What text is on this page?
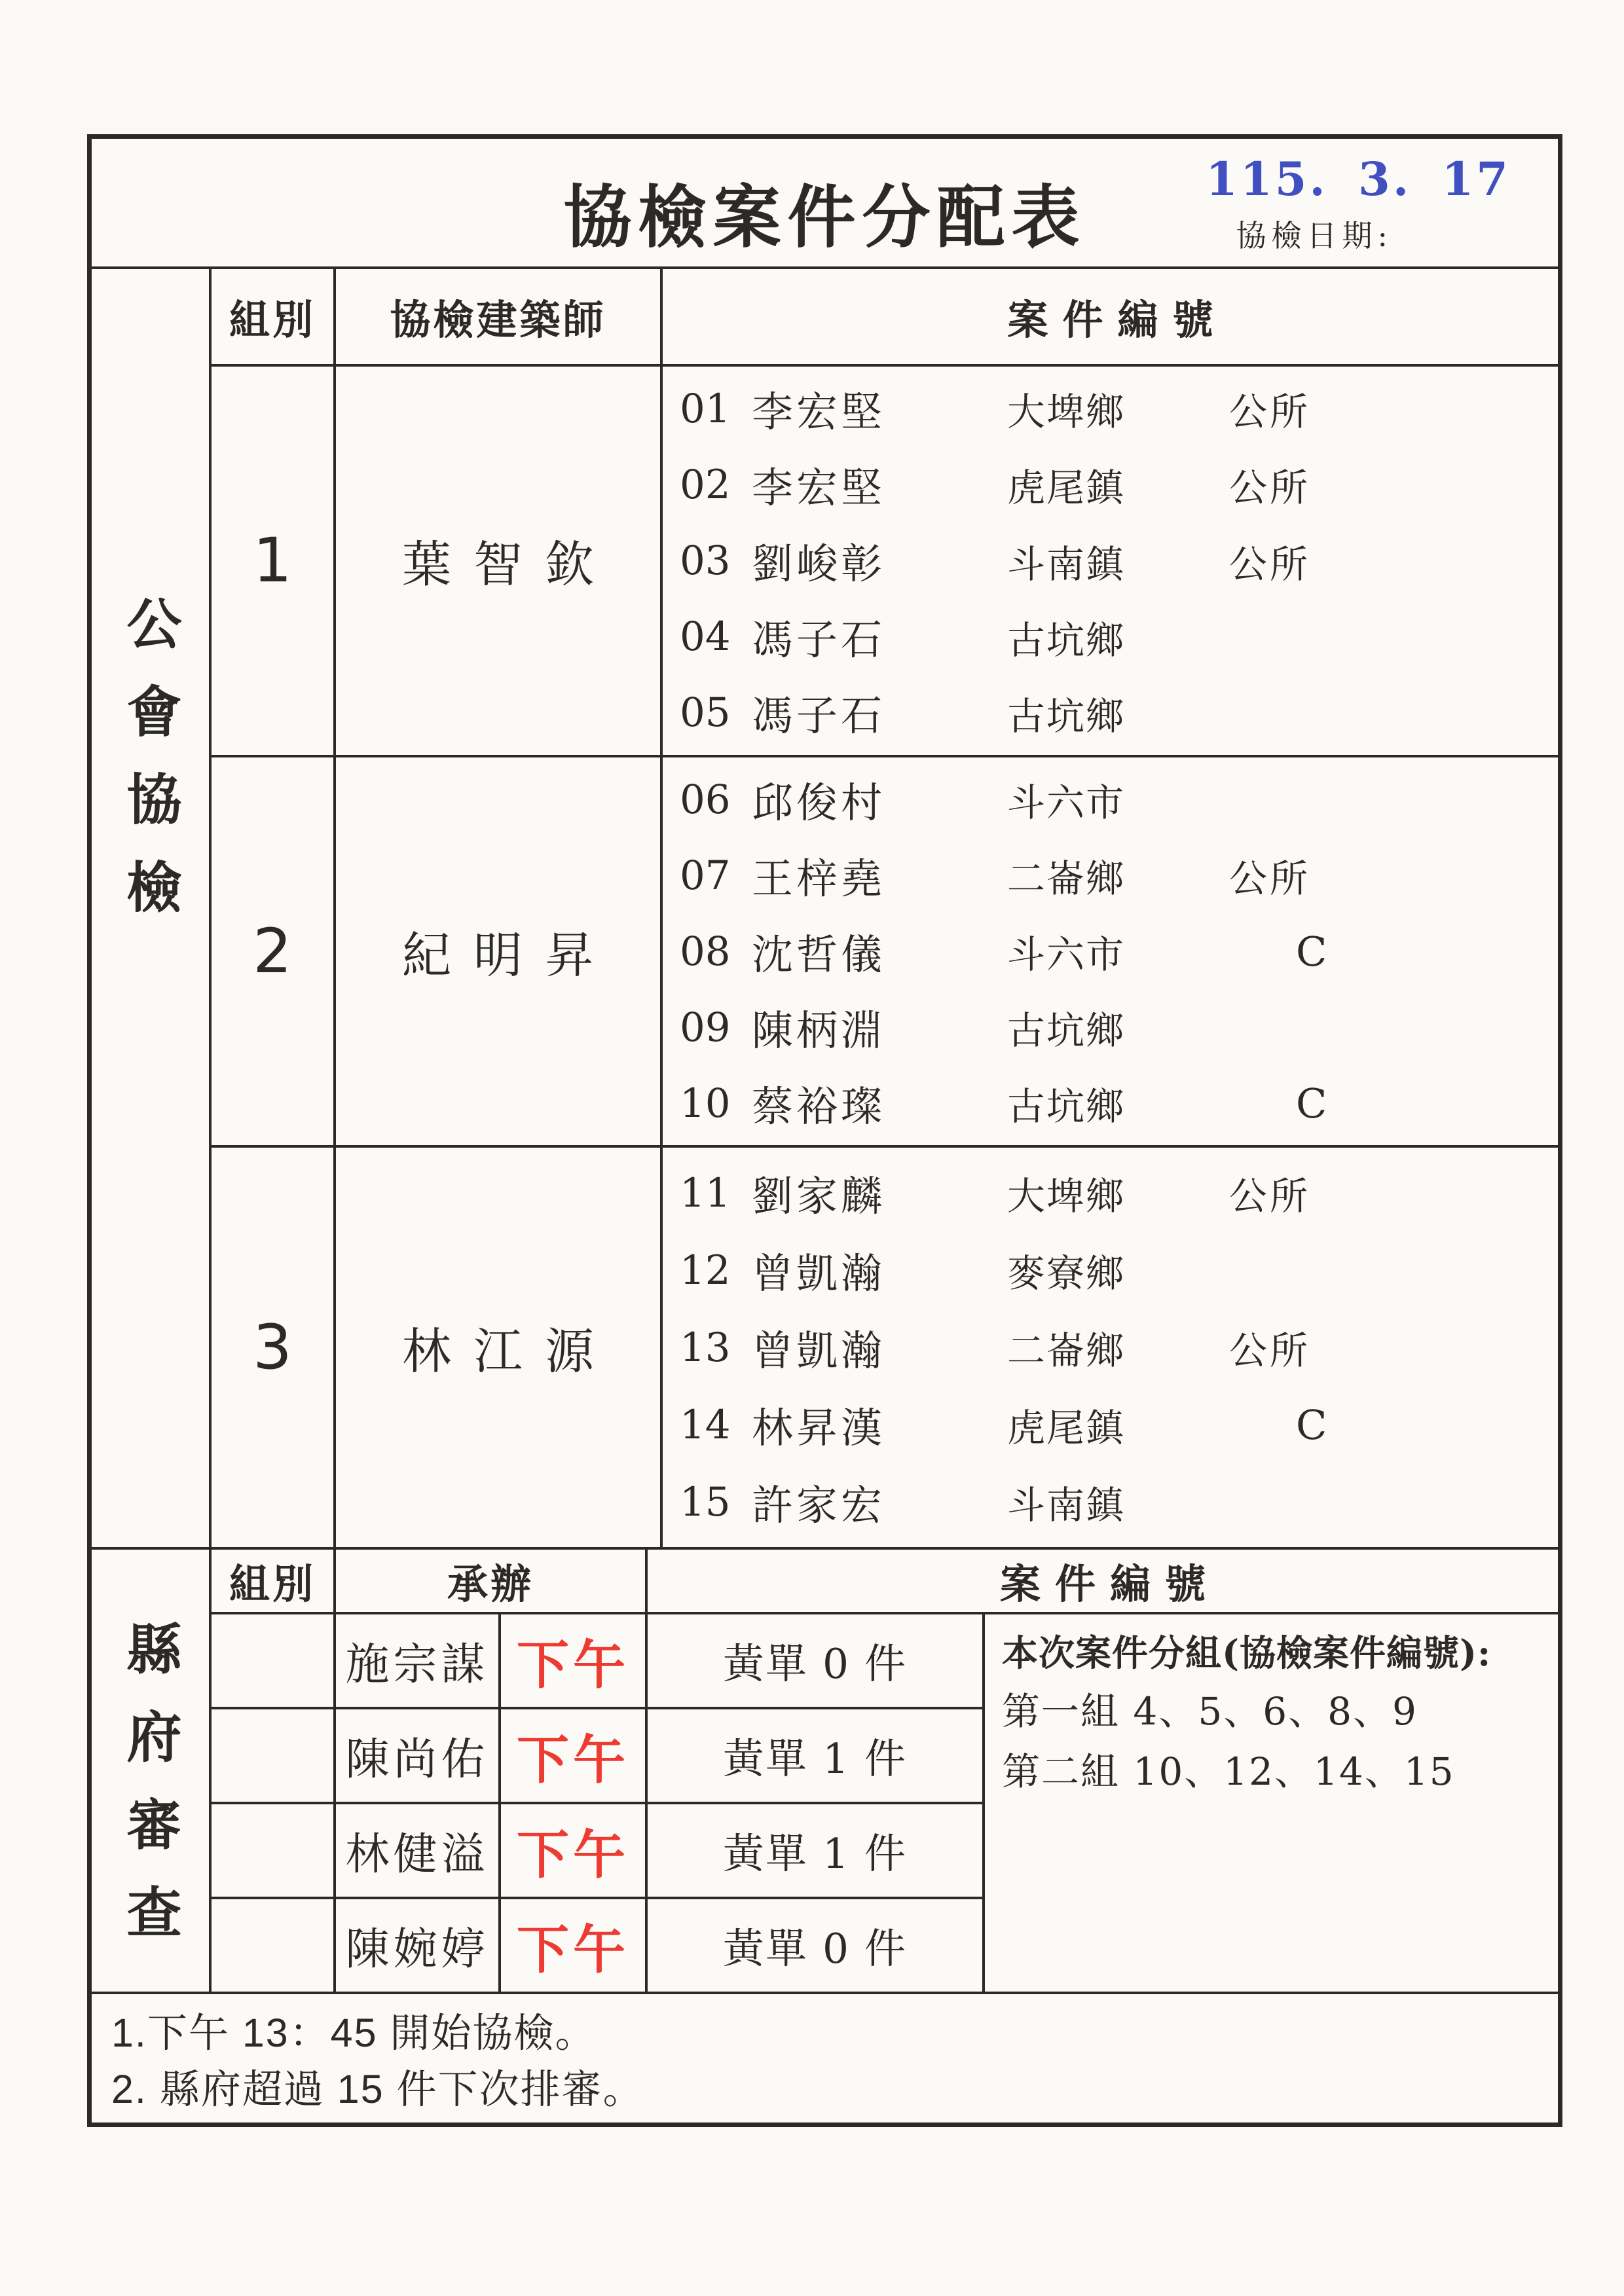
協檢案件分配表
115. 3. 17
協檢日期:
公會協檢
組別	協檢建築師	案件編號
1	葉智欽
01 李宏堅	大埤鄉	公所
02 李宏堅	虎尾鎮	公所
03 劉峻彰	斗南鎮	公所
04 馮子石	古坑鄉
05 馮子石	古坑鄉
2	紀明昇
06 邱俊村	斗六市
07 王梓堯	二崙鄉	公所
08 沈哲儀	斗六市	C
09 陳柄淵	古坑鄉
10 蔡裕璨	古坑鄉	C
3	林江源
11 劉家麟	大埤鄉	公所
12 曾凱瀚	麥寮鄉
13 曾凱瀚	二崙鄉	公所
14 林昇漢	虎尾鎮	C
15 許家宏	斗南鎮
縣府審查
組別	承辦	案件編號
施宗謀 下午	黃單 0 件
陳尚佑 下午	黃單 1 件
林健溢 下午	黃單 1 件
陳婉婷 下午	黃單 0 件
本次案件分組(協檢案件編號):
第一組 4、5、6、8、9
第二組 10、12、14、15
1.下午 13：45 開始協檢。
2. 縣府超過 15 件下次排審。
